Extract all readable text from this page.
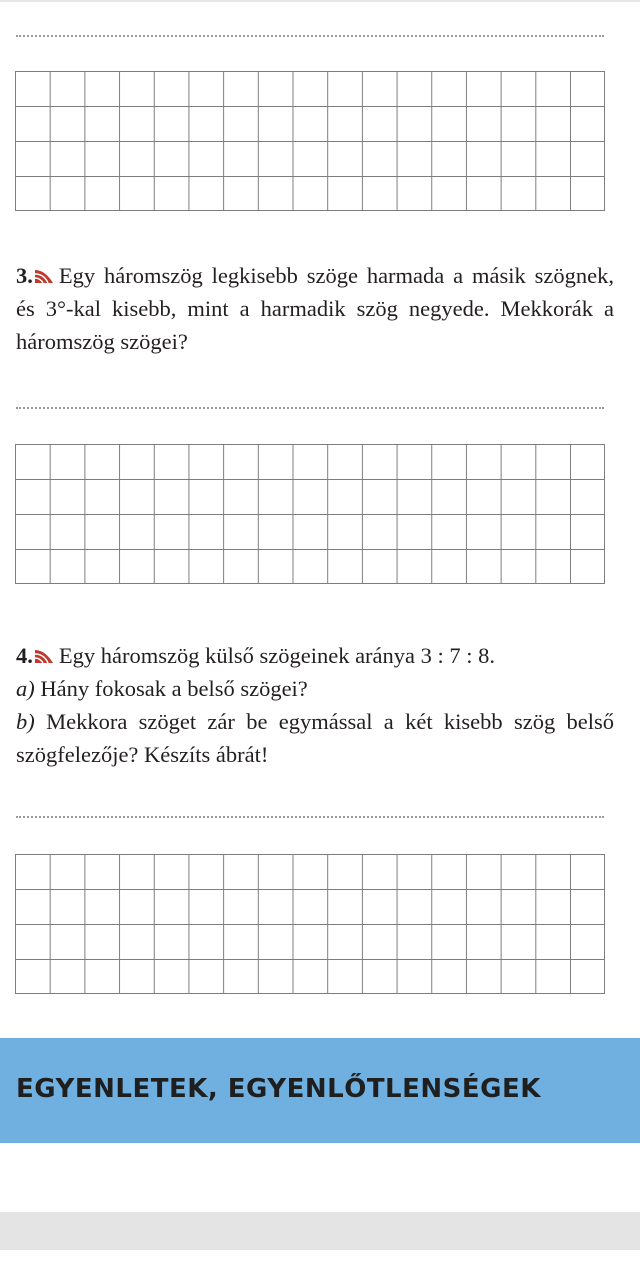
3. Egy háromszög legkisebb szöge harmada a másik szögnek, és 3°-kal kisebb, mint a harmadik szög negyede. Mekkorák a háromszög szögei?

4. Egy háromszög külső szögeinek aránya 3 : 7 : 8.

a) Hány fokosak a belső szögei?

b) Mekkora szöget zár be egymással a két kisebb szög belső szögfelezője? Készíts ábrát!

EGYENLETEK, EGYENLŐTLENSÉGEK
